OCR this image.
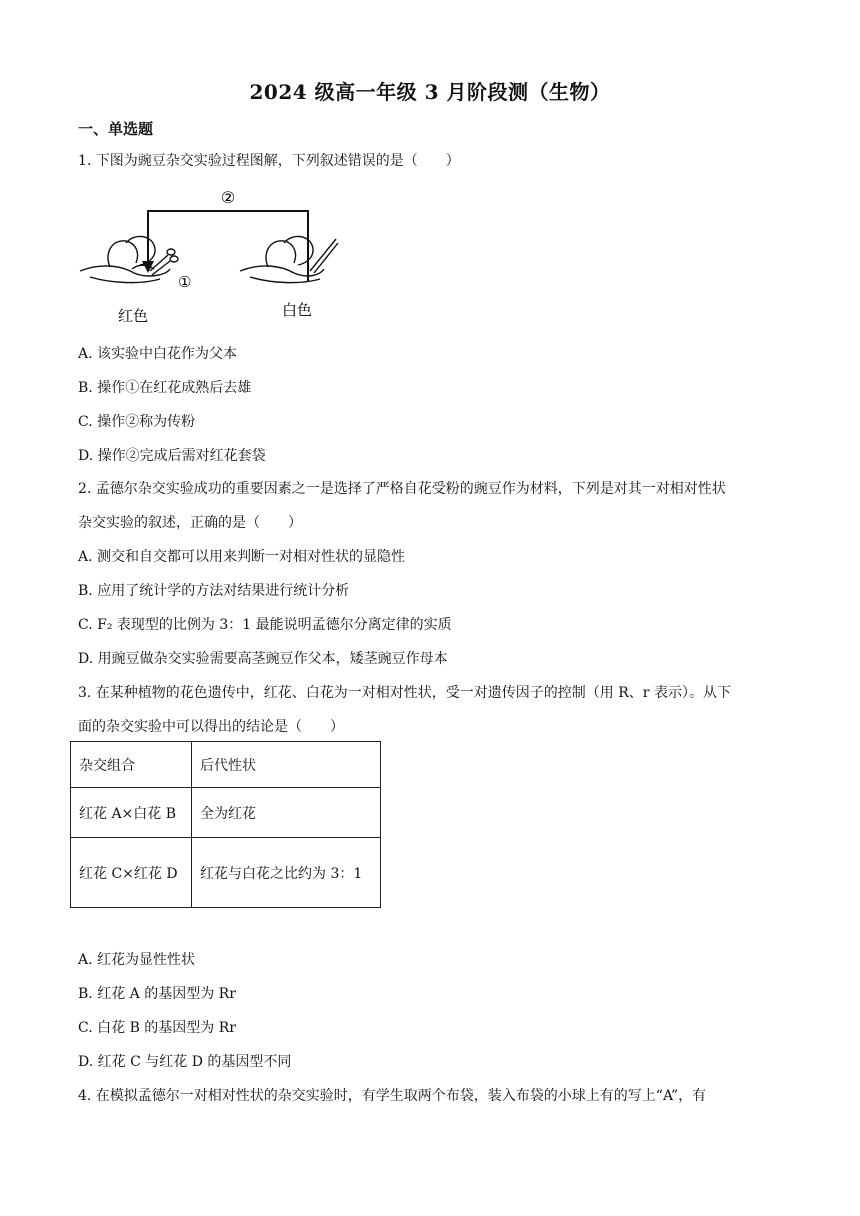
2024 级高一年级 3 月阶段测（生物）
一、单选题
1. 下图为豌豆杂交实验过程图解，下列叙述错误的是（　　）
②
①
红色	白色
A. 该实验中白花作为父本
B. 操作①在红花成熟后去雄
C. 操作②称为传粉
D. 操作②完成后需对红花套袋
2. 孟德尔杂交实验成功的重要因素之一是选择了严格自花受粉的豌豆作为材料，下列是对其一对相对性状
杂交实验的叙述，正确的是（　　）
A. 测交和自交都可以用来判断一对相对性状的显隐性
B. 应用了统计学的方法对结果进行统计分析
C. F₂ 表现型的比例为 3：1 最能说明孟德尔分离定律的实质
D. 用豌豆做杂交实验需要高茎豌豆作父本，矮茎豌豆作母本
3. 在某种植物的花色遗传中，红花、白花为一对相对性状，受一对遗传因子的控制（用 R、r 表示）。从下
面的杂交实验中可以得出的结论是（　　）
杂交组合	后代性状
红花 A×白花 B	全为红花
红花 C×红花 D	红花与白花之比约为 3：1
A. 红花为显性性状
B. 红花 A 的基因型为 Rr
C. 白花 B 的基因型为 Rr
D. 红花 C 与红花 D 的基因型不同
4. 在模拟孟德尔一对相对性状的杂交实验时，有学生取两个布袋，装入布袋的小球上有的写上“A”，有
